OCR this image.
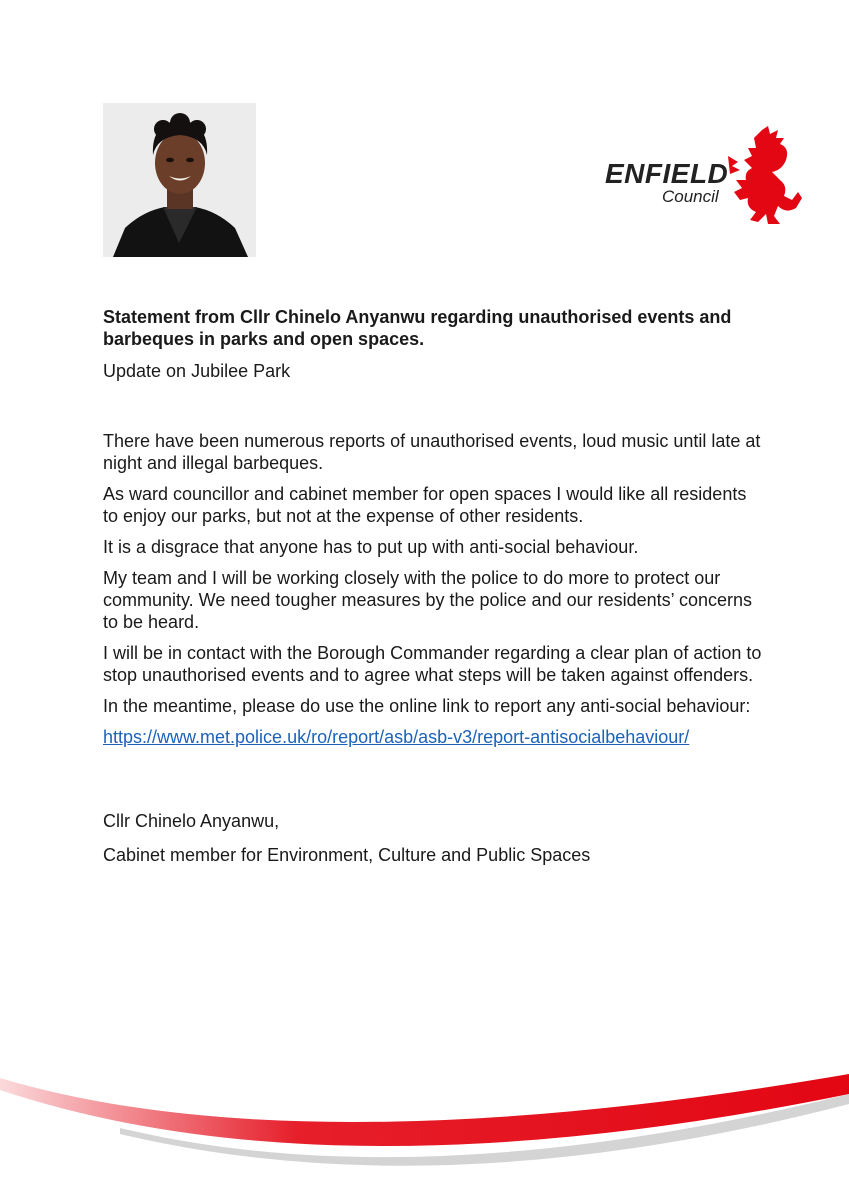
ENFIELD
Council
Statement from Cllr Chinelo Anyanwu regarding unauthorised events and barbeques in parks and open spaces.
Update on Jubilee Park

There have been numerous reports of unauthorised events, loud music until late at night and illegal barbeques.

As ward councillor and cabinet member for open spaces I would like all residents to enjoy our parks, but not at the expense of other residents.

It is a disgrace that anyone has to put up with anti-social behaviour.

My team and I will be working closely with the police to do more to protect our community. We need tougher measures by the police and our residents’ concerns to be heard.

I will be in contact with the Borough Commander regarding a clear plan of action to stop unauthorised events and to agree what steps will be taken against offenders.

In the meantime, please do use the online link to report any anti-social behaviour:

https://www.met.police.uk/ro/report/asb/asb-v3/report-antisocialbehaviour/

Cllr Chinelo Anyanwu,

Cabinet member for Environment, Culture and Public Spaces
